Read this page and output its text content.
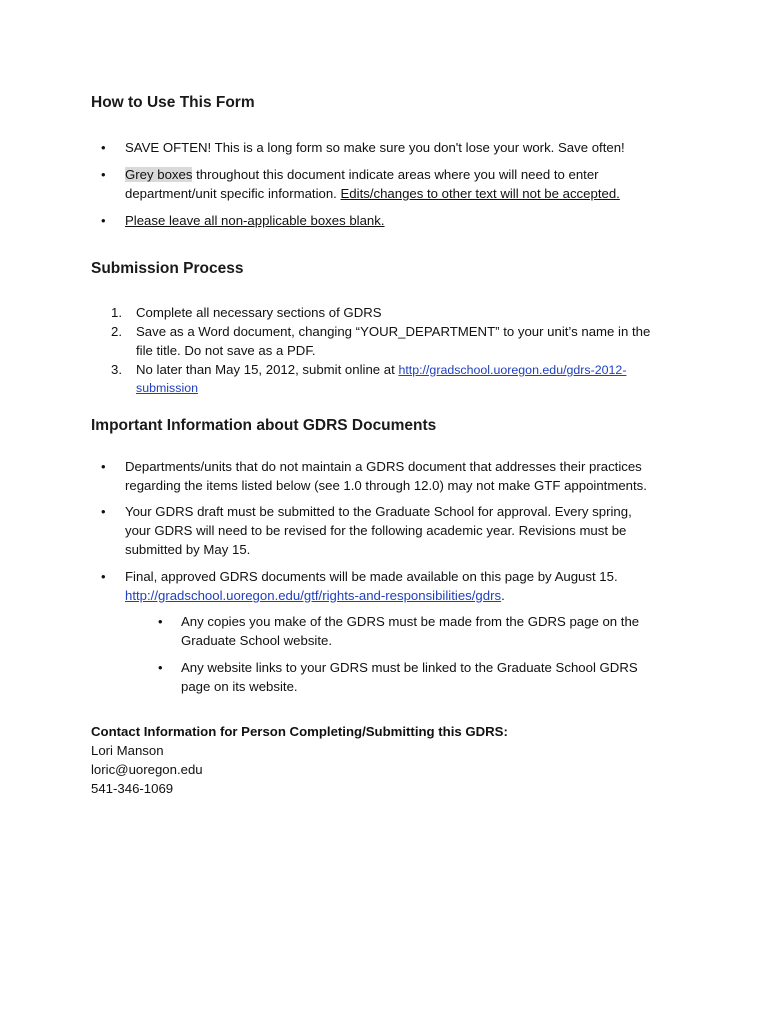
How to Use This Form
• SAVE OFTEN! This is a long form so make sure you don't lose your work. Save often!
• Grey boxes throughout this document indicate areas where you will need to enter
department/unit specific information. Edits/changes to other text will not be accepted.
• Please leave all non-applicable boxes blank.
Submission Process
1. Complete all necessary sections of GDRS
2. Save as a Word document, changing “YOUR_DEPARTMENT” to your unit’s name in the
file title. Do not save as a PDF.
3. No later than May 15, 2012, submit online at http://gradschool.uoregon.edu/gdrs-2012-
submission
Important Information about GDRS Documents
• Departments/units that do not maintain a GDRS document that addresses their practices
regarding the items listed below (see 1.0 through 12.0) may not make GTF appointments.
• Your GDRS draft must be submitted to the Graduate School for approval. Every spring,
your GDRS will need to be revised for the following academic year. Revisions must be
submitted by May 15.
• Final, approved GDRS documents will be made available on this page by August 15.
http://gradschool.uoregon.edu/gtf/rights-and-responsibilities/gdrs.
• Any copies you make of the GDRS must be made from the GDRS page on the
Graduate School website.
• Any website links to your GDRS must be linked to the Graduate School GDRS
page on its website.
Contact Information for Person Completing/Submitting this GDRS:
Lori Manson
loric@uoregon.edu
541-346-1069
